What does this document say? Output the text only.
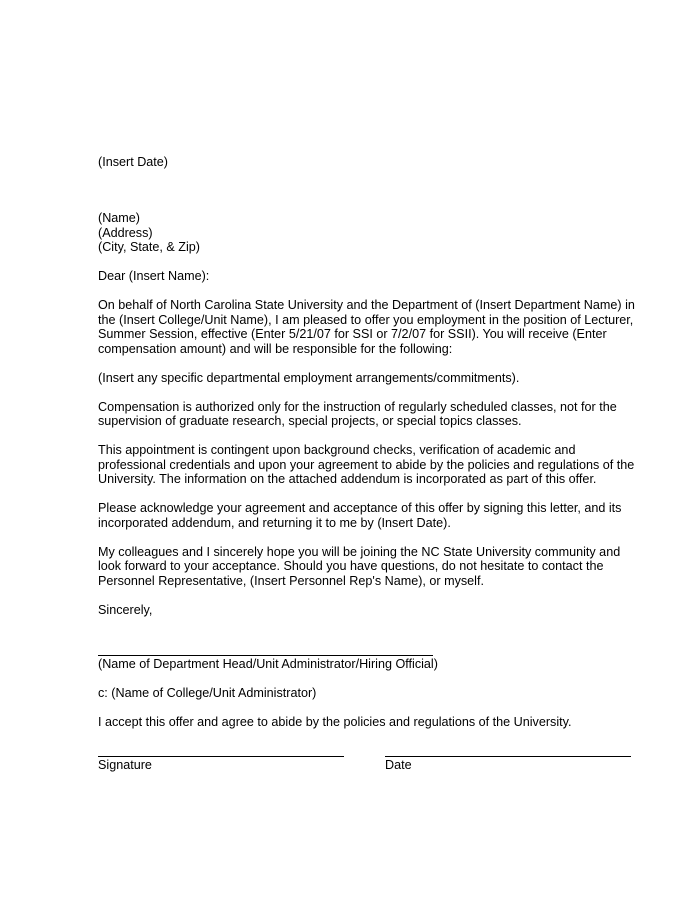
(Insert Date)
(Name)
(Address)
(City, State, & Zip)
Dear (Insert Name):
On behalf of North Carolina State University and the Department of (Insert Department Name) in
the (Insert College/Unit Name), I am pleased to offer you employment in the position of Lecturer,
Summer Session, effective (Enter 5/21/07 for SSI or 7/2/07 for SSII). You will receive (Enter
compensation amount) and will be responsible for the following:
(Insert any specific departmental employment arrangements/commitments).
Compensation is authorized only for the instruction of regularly scheduled classes, not for the
supervision of graduate research, special projects, or special topics classes.
This appointment is contingent upon background checks, verification of academic and
professional credentials and upon your agreement to abide by the policies and regulations of the
University. The information on the attached addendum is incorporated as part of this offer.
Please acknowledge your agreement and acceptance of this offer by signing this letter, and its
incorporated addendum, and returning it to me by (Insert Date).
My colleagues and I sincerely hope you will be joining the NC State University community and
look forward to your acceptance. Should you have questions, do not hesitate to contact the
Personnel Representative, (Insert Personnel Rep's Name), or myself.
Sincerely,
(Name of Department Head/Unit Administrator/Hiring Official)
c: (Name of College/Unit Administrator)
I accept this offer and agree to abide by the policies and regulations of the University.
Signature	Date
